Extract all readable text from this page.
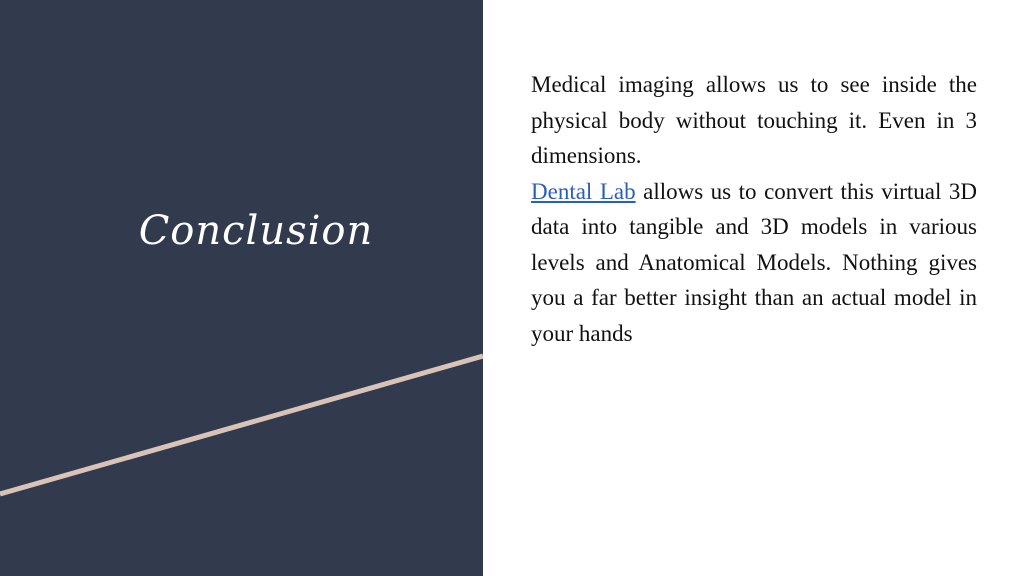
Conclusion

Medical imaging allows us to see inside the physical body without touching it. Even in 3 dimensions.

Dental Lab allows us to convert this virtual 3D data into tangible and 3D models in various levels and Anatomical Models. Nothing gives you a far better insight than an actual model in your hands
